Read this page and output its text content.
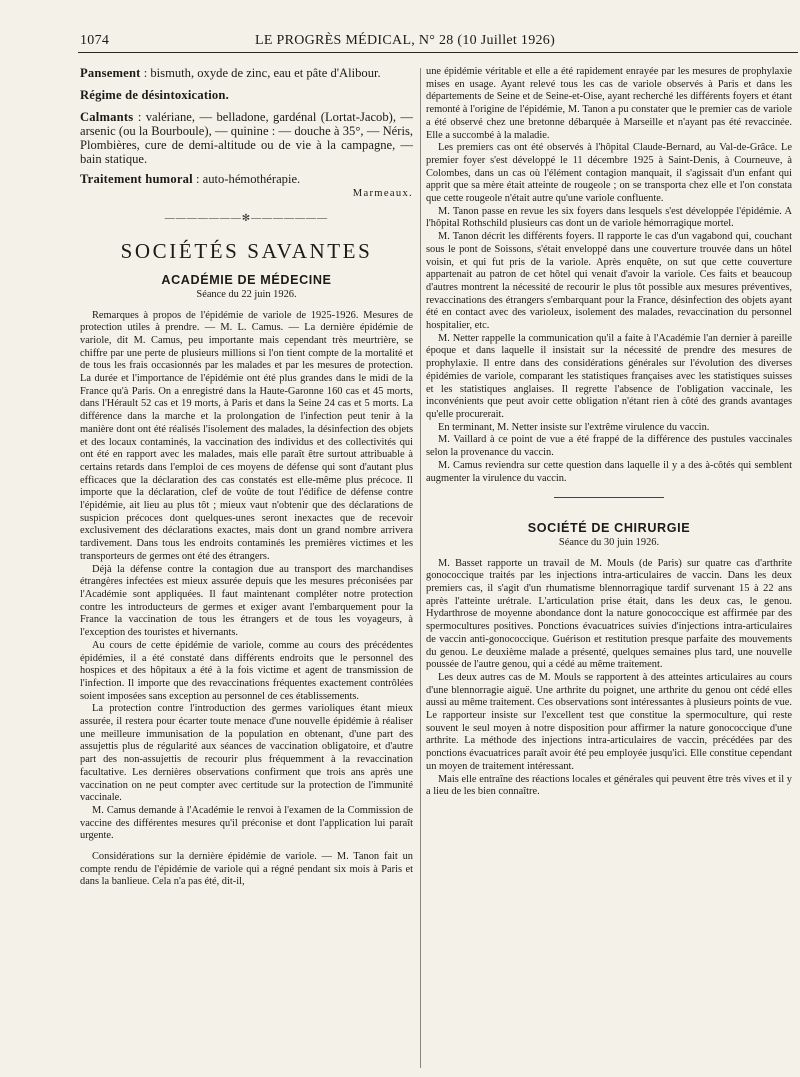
1074	LE PROGRÈS MÉDICAL, N° 28 (10 Juillet 1926)

Pansement : bismuth, oxyde de zinc, eau et pâte d'Alibour.

Régime de désintoxication.

Calmants : valériane, — belladone, gardénal (Lortat-Jacob), — arsenic (ou la Bourboule), — quinine : — douche à 35°, — Néris, Plombières, cure de demi-altitude ou de vie à la campagne, — bain statique.

Traitement humoral : auto-hémothérapie.

Marmeaux.
———————✻———————
SOCIÉTÉS SAVANTES
ACADÉMIE DE MÉDECINE
Séance du 22 juin 1926.

Remarques à propos de l'épidémie de variole de 1925-1926. Mesures de protection utiles à prendre. — M. L. Camus. — La dernière épidémie de variole, dit M. Camus, peu importante mais cependant très meurtrière, se chiffre par une perte de plusieurs millions si l'on tient compte de la mortalité et de tous les frais occasionnés par les malades et par les mesures de protection. La durée et l'importance de l'épidémie ont été plus grandes dans le midi de la France qu'à Paris. On a enregistré dans la Haute-Garonne 160 cas et 45 morts, dans l'Hérault 52 cas et 19 morts, à Paris et dans la Seine 24 cas et 5 morts. La différence dans la marche et la prolongation de l'infection peut tenir à la manière dont ont été réalisés l'isolement des malades, la désinfection des objets et des locaux contaminés, la vaccination des individus et des collectivités qui ont été en rapport avec les malades, mais elle paraît être surtout attribuable à certains retards dans l'emploi de ces moyens de défense qui sont d'autant plus efficaces que la déclaration des cas constatés est elle-même plus précoce. Il importe que la déclaration, clef de voûte de tout l'édifice de défense contre l'épidémie, ait lieu au plus tôt ; mieux vaut n'obtenir que des déclarations de suspicion précoces dont quelques-unes seront inexactes que de recevoir exclusivement des déclarations exactes, mais dont un grand nombre arrivera tardivement. Dans tous les endroits contaminés les premières victimes et les transporteurs de germes ont été des étrangers.

Déjà la défense contre la contagion due au transport des marchandises étrangères infectées est mieux assurée depuis que les mesures préconisées par l'Académie sont appliquées. Il faut maintenant compléter notre protection contre les introducteurs de germes et exiger avant l'embarquement pour la France la vaccination de tous les étrangers et de tous les voyageurs, à l'exception des touristes et hivernants.

Au cours de cette épidémie de variole, comme au cours des précédentes épidémies, il a été constaté dans différents endroits que le personnel des hospices et des hôpitaux a été à la fois victime et agent de transmission de l'infection. Il importe que des revaccinations fréquentes exactement contrôlées soient imposées sans exception au personnel de ces établissements.

La protection contre l'introduction des germes varioliques étant mieux assurée, il restera pour écarter toute menace d'une nouvelle épidémie à réaliser une meilleure immunisation de la population en obtenant, d'une part des assujettis plus de régularité aux séances de vaccination obligatoire, et d'autre part des non-assujettis de recourir plus fréquemment à la revaccination facultative. Les dernières observations confirment que trois ans après une vaccination on ne peut compter avec certitude sur la protection de l'immunité vaccinale.

M. Camus demande à l'Académie le renvoi à l'examen de la Commission de vaccine des différentes mesures qu'il préconise et dont l'application lui paraît urgente.

Considérations sur la dernière épidémie de variole. — M. Tanon fait un compte rendu de l'épidémie de variole qui a régné pendant six mois à Paris et dans la banlieue. Cela n'a pas été, dit-il,

une épidémie véritable et elle a été rapidement enrayée par les mesures de prophylaxie mises en usage. Ayant relevé tous les cas de variole observés à Paris et dans les départements de Seine et de Seine-et-Oise, ayant recherché les différents foyers et étant remonté à l'origine de l'épidémie, M. Tanon a pu constater que le premier cas de variole a été observé chez une bretonne débarquée à Marseille et n'ayant pas été revaccinée. Elle a succombé à la maladie.

Les premiers cas ont été observés à l'hôpital Claude-Bernard, au Val-de-Grâce. Le premier foyer s'est développé le 11 décembre 1925 à Saint-Denis, à Courneuve, à Colombes, dans un cas où l'élément contagion manquait, il s'agissait d'un enfant qui apprit que sa mère était atteinte de rougeole ; on se transporta chez elle et l'on constata que cette rougeole n'était autre qu'une variole confluente.

M. Tanon passe en revue les six foyers dans lesquels s'est développée l'épidémie. A l'hôpital Rothschild plusieurs cas dont un de variole hémorragique mortel.

M. Tanon décrit les différents foyers. Il rapporte le cas d'un vagabond qui, couchant sous le pont de Soissons, s'était enveloppé dans une couverture trouvée dans un hôtel voisin, et qui fut pris de la variole. Après enquête, on sut que cette couverture appartenait au patron de cet hôtel qui venait d'avoir la variole. Ces faits et beaucoup d'autres montrent la nécessité de recourir le plus tôt possible aux mesures préventives, revaccinations des étrangers s'embarquant pour la France, désinfection des objets ayant été en contact avec des varioleux, isolement des malades, revaccination du personnel hospitalier, etc.

M. Netter rappelle la communication qu'il a faite à l'Académie l'an dernier à pareille époque et dans laquelle il insistait sur la nécessité de prendre des mesures de prophylaxie. Il entre dans des considérations générales sur l'évolution des diverses épidémies de variole, comparant les statistiques françaises avec les statistiques suisses et les statistiques anglaises. Il regrette l'absence de l'obligation vaccinale, les inconvénients que peut avoir cette obligation n'étant rien à côté des grands avantages qu'elle procurerait.

En terminant, M. Netter insiste sur l'extrême virulence du vaccin.

M. Vaillard à ce point de vue a été frappé de la différence des pustules vaccinales selon la provenance du vaccin.

M. Camus reviendra sur cette question dans laquelle il y a des à-côtés qui semblent augmenter la virulence du vaccin.

SOCIÉTÉ DE CHIRURGIE
Séance du 30 juin 1926.

M. Basset rapporte un travail de M. Mouls (de Paris) sur quatre cas d'arthrite gonococcique traités par les injections intra-articulaires de vaccin. Dans les deux premiers cas, il s'agit d'un rhumatisme blennorragique tardif survenant 15 à 22 ans après l'atteinte urétrale. L'articulation prise était, dans les deux cas, le genou. Hydarthrose de moyenne abondance dont la nature gonococcique est affirmée par des spermocultures positives. Ponctions évacuatrices suivies d'injections intra-articulaires de vaccin anti-gonococcique. Guérison et restitution presque parfaite des mouvements du genou. Le deuxième malade a présenté, quelques semaines plus tard, une nouvelle poussée de l'autre genou, qui a cédé au même traitement.

Les deux autres cas de M. Mouls se rapportent à des atteintes articulaires au cours d'une blennorragie aiguë. Une arthrite du poignet, une arthrite du genou ont cédé elles aussi au même traitement. Ces observations sont intéressantes à plusieurs points de vue. Le rapporteur insiste sur l'excellent test que constitue la spermoculture, qui reste souvent le seul moyen à notre disposition pour affirmer la nature gonococcique d'une arthrite. La méthode des injections intra-articulaires de vaccin, précédées par des ponctions évacuatrices paraît avoir été peu employée jusqu'ici. Elle constitue cependant un moyen de traitement intéressant.

Mais elle entraîne des réactions locales et générales qui peuvent être très vives et il y a lieu de les bien connaître.
